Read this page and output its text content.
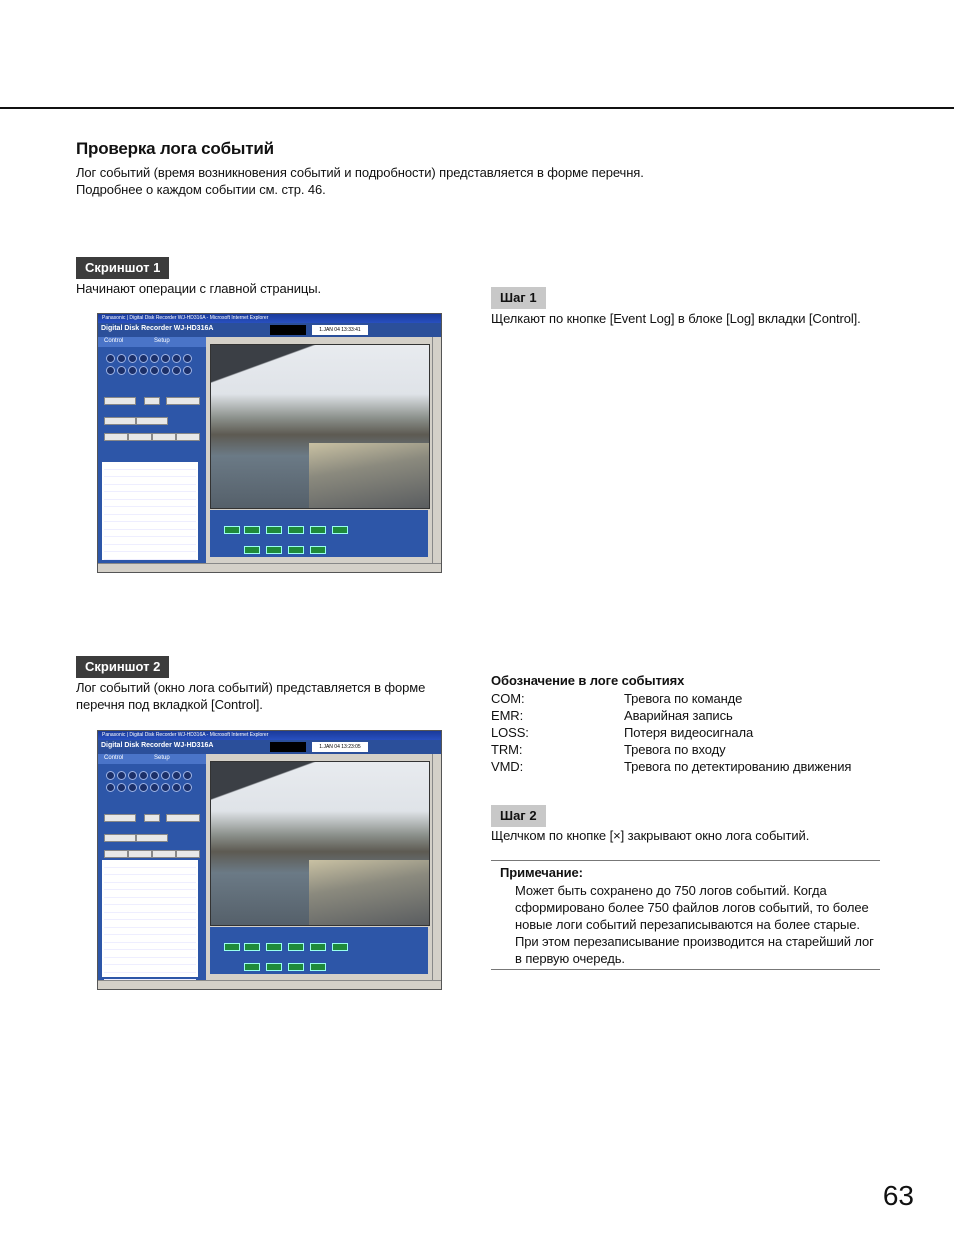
Проверка лога событий
Лог событий (время возникновения событий и подробности) представляется в форме перечня.
Подробнее о каждом событии см. стр. 46.
Скриншот 1
Начинают операции с главной страницы.
Panasonic | Digital Disk Recorder WJ-HD316A - Microsoft Internet Explorer
Digital Disk Recorder WJ-HD316A	1.JAN 04 13:33:41
Control	Setup
Шаг 1
Щелкают по кнопке [Event Log] в блоке [Log] вкладки [Control].
Скриншот 2
Лог событий (окно лога событий) представляется в форме
перечня под вкладкой [Control].
Panasonic | Digital Disk Recorder WJ-HD316A - Microsoft Internet Explorer
Digital Disk Recorder WJ-HD316A	1.JAN 04 13:23:05
Control	Setup
Обозначение в логе событиях
COM:	Тревога по команде
EMR:	Аварийная запись
LOSS:	Потеря видеосигнала
TRM:	Тревога по входу
VMD:	Тревога по детектированию движения
Шаг 2
Щелчком по кнопке [×] закрывают окно лога событий.
Примечание:
Может быть сохранено до 750 логов событий. Когда
сформировано более 750 файлов логов событий, то более
новые логи событий перезаписываются на более старые.
При этом перезаписывание производится на старейший лог
в первую очередь.
63
